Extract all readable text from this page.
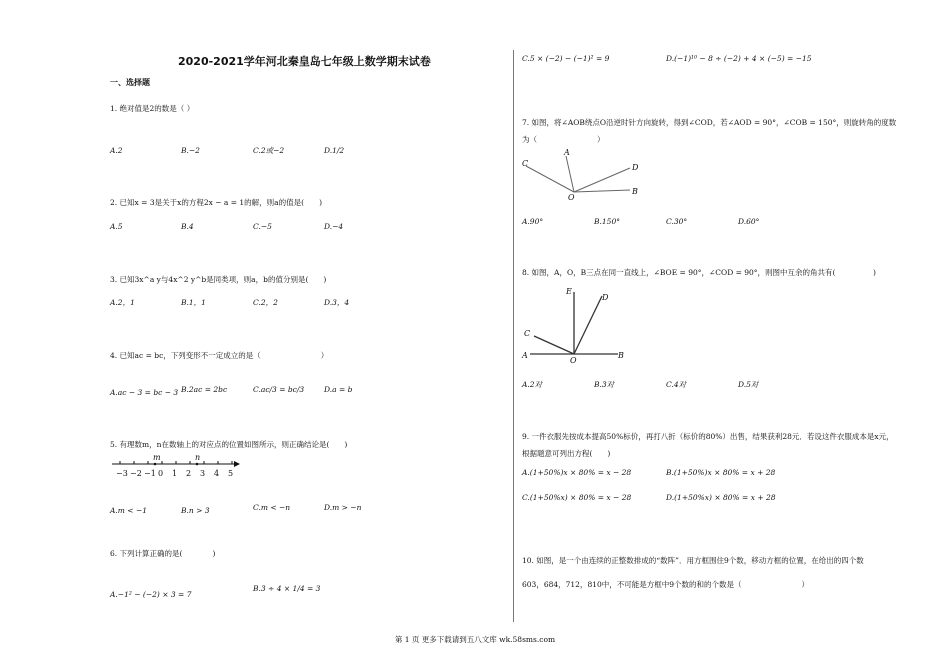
2020-2021学年河北秦皇岛七年级上数学期末试卷
一、选择题
1. 绝对值是2的数是（ ）
A.2	B.−2	C.2或−2	D.1/2
2. 已知x = 3是关于x的方程2x − a = 1的解，则a的值是(　　)
A.5	B.4	C.−5	D.−4
3. 已知3x^a y与4x^2 y^b是同类项，则a，b的值分别是(　　)
A.2，1	B.1，1	C.2，2	D.3，4
4. 已知ac = bc，下列变形不一定成立的是（　　　　　　　　）
A.ac − 3 = bc − 3 B.2ac = 2bc	C.ac/3 = bc/3	D.a = b
5. 有理数m，n在数轴上的对应点的位置如图所示，则正确结论是(　　)
−3 −2 −1 0 1 2 3 4 5
m	n
A.m < −1	B.n > 3	C.m < −n	D.m > −n
6. 下列计算正确的是(　　　　)
A.−1² − (−2) × 3 = 7
B.3 ÷ 4 × 1/4 = 3
C.5 × (−2) − (−1)² = 9	D.(−1)¹⁰ − 8 ÷ (−2) + 4 × (−5) = −15
7. 如图，将∠AOB绕点O沿逆时针方向旋转，得到∠COD，若∠AOD = 90°，∠COB = 150°，则旋转角的度数
为（　　　　　　　　）
C
A
D
B
O
A.90°	B.150°	C.30°	D.60°
8. 如图，A，O，B三点在同一直线上，∠BOE = 90°，∠COD = 90°，则图中互余的角共有(　　　　　)
E
D
C
A
O
B
A.2对	B.3对	C.4对	D.5对
9. 一件衣服先按成本提高50%标价，再打八折（标价的80%）出售，结果获利28元．若设这件衣服成本是x元，
根据题意可列出方程(　　)
A.(1+50%)x × 80% = x − 28	B.(1+50%)x × 80% = x + 28
C.(1+50%x) × 80% = x − 28	D.(1+50%x) × 80% = x + 28
10. 如图，是一个由连续的正整数排成的“数阵”．用方框围住9个数，移动方框的位置，在给出的四个数
603，684，712，810中，不可能是方框中9个数的和的个数是（　　　　　　　　）
第 1 页 更多下载请到五八文库 wk.58sms.com
